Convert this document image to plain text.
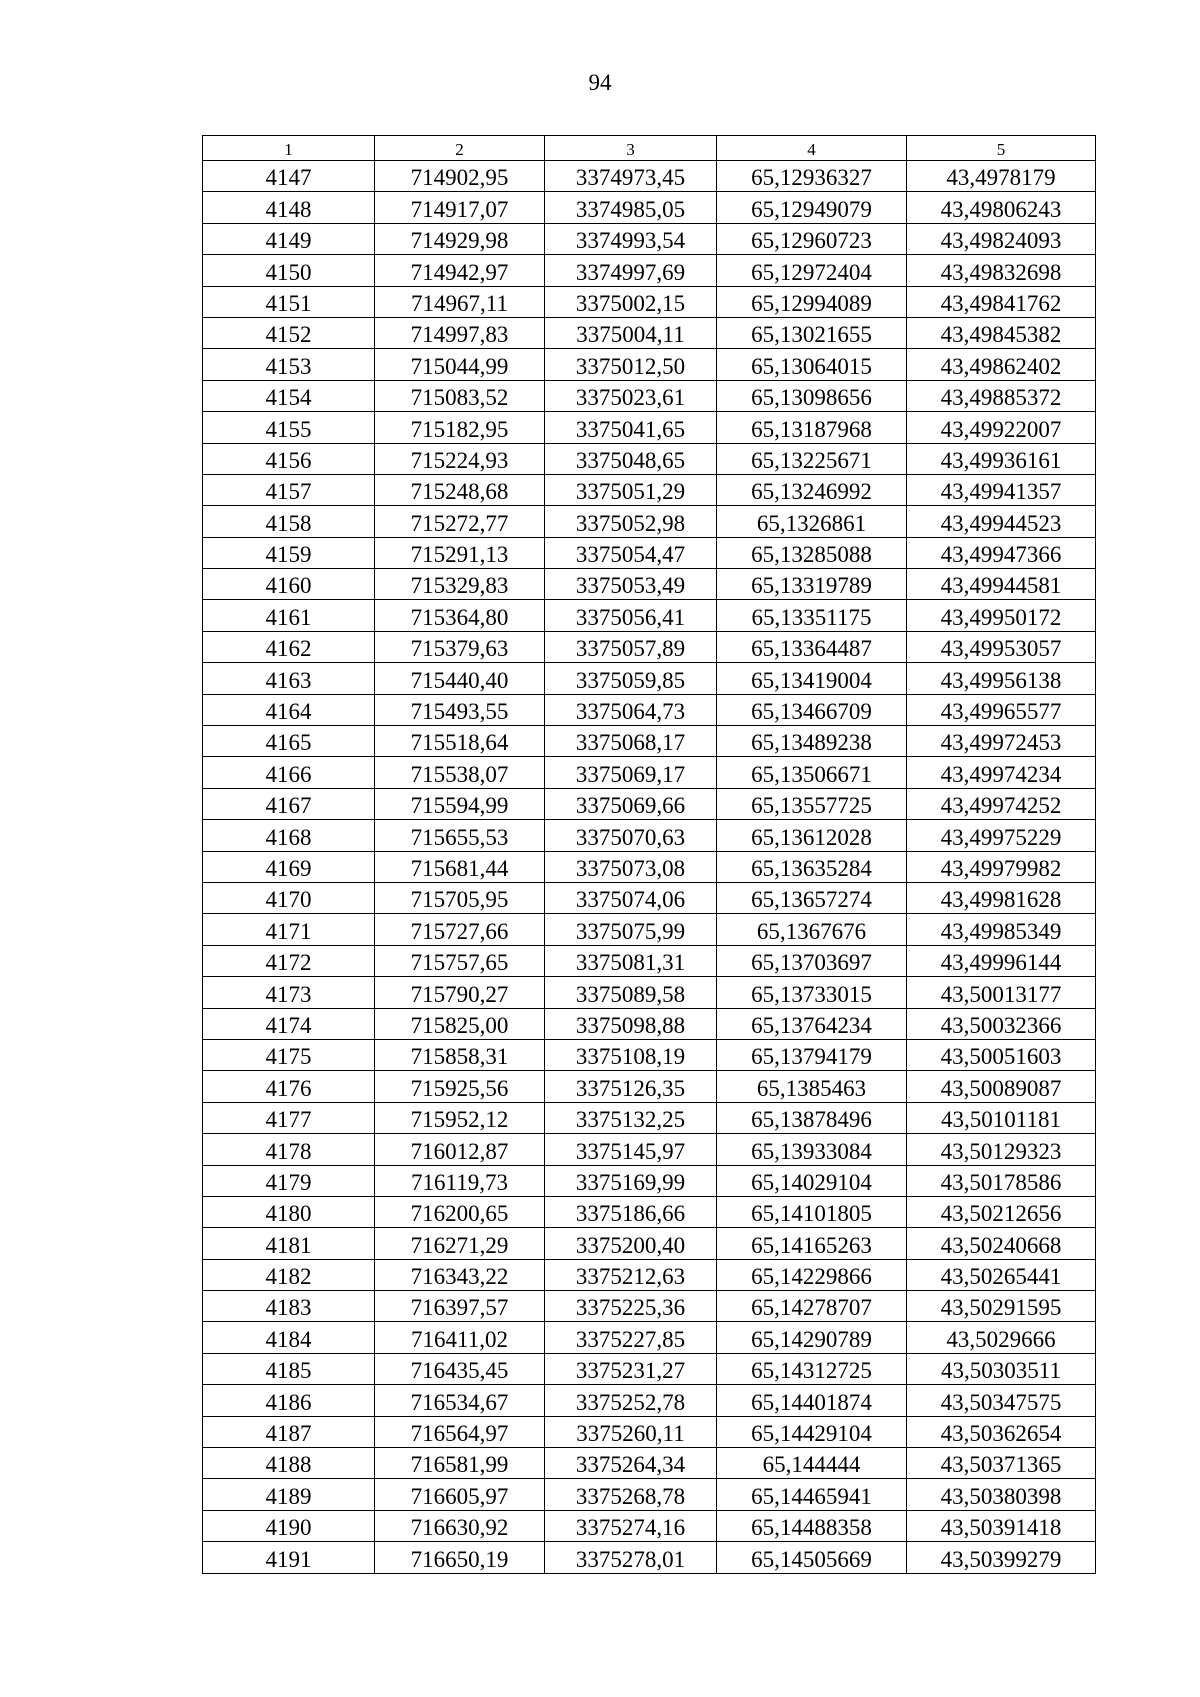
94
1	2	3	4	5
4147	714902,95	3374973,45	65,12936327	43,4978179
4148	714917,07	3374985,05	65,12949079	43,49806243
4149	714929,98	3374993,54	65,12960723	43,49824093
4150	714942,97	3374997,69	65,12972404	43,49832698
4151	714967,11	3375002,15	65,12994089	43,49841762
4152	714997,83	3375004,11	65,13021655	43,49845382
4153	715044,99	3375012,50	65,13064015	43,49862402
4154	715083,52	3375023,61	65,13098656	43,49885372
4155	715182,95	3375041,65	65,13187968	43,49922007
4156	715224,93	3375048,65	65,13225671	43,49936161
4157	715248,68	3375051,29	65,13246992	43,49941357
4158	715272,77	3375052,98	65,1326861	43,49944523
4159	715291,13	3375054,47	65,13285088	43,49947366
4160	715329,83	3375053,49	65,13319789	43,49944581
4161	715364,80	3375056,41	65,13351175	43,49950172
4162	715379,63	3375057,89	65,13364487	43,49953057
4163	715440,40	3375059,85	65,13419004	43,49956138
4164	715493,55	3375064,73	65,13466709	43,49965577
4165	715518,64	3375068,17	65,13489238	43,49972453
4166	715538,07	3375069,17	65,13506671	43,49974234
4167	715594,99	3375069,66	65,13557725	43,49974252
4168	715655,53	3375070,63	65,13612028	43,49975229
4169	715681,44	3375073,08	65,13635284	43,49979982
4170	715705,95	3375074,06	65,13657274	43,49981628
4171	715727,66	3375075,99	65,1367676	43,49985349
4172	715757,65	3375081,31	65,13703697	43,49996144
4173	715790,27	3375089,58	65,13733015	43,50013177
4174	715825,00	3375098,88	65,13764234	43,50032366
4175	715858,31	3375108,19	65,13794179	43,50051603
4176	715925,56	3375126,35	65,1385463	43,50089087
4177	715952,12	3375132,25	65,13878496	43,50101181
4178	716012,87	3375145,97	65,13933084	43,50129323
4179	716119,73	3375169,99	65,14029104	43,50178586
4180	716200,65	3375186,66	65,14101805	43,50212656
4181	716271,29	3375200,40	65,14165263	43,50240668
4182	716343,22	3375212,63	65,14229866	43,50265441
4183	716397,57	3375225,36	65,14278707	43,50291595
4184	716411,02	3375227,85	65,14290789	43,5029666
4185	716435,45	3375231,27	65,14312725	43,50303511
4186	716534,67	3375252,78	65,14401874	43,50347575
4187	716564,97	3375260,11	65,14429104	43,50362654
4188	716581,99	3375264,34	65,144444	43,50371365
4189	716605,97	3375268,78	65,14465941	43,50380398
4190	716630,92	3375274,16	65,14488358	43,50391418
4191	716650,19	3375278,01	65,14505669	43,50399279
